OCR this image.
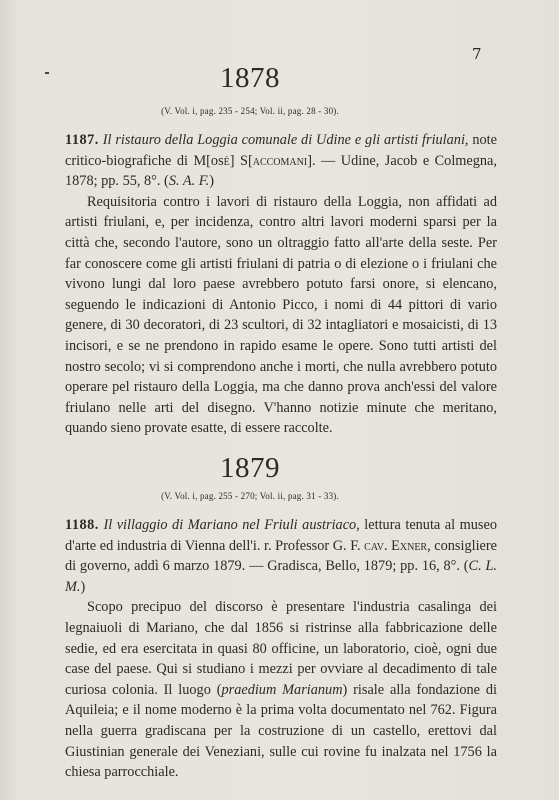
7
1878
(V. Vol. i, pag. 235 - 254; Vol. ii, pag. 28 - 30).

1187. Il ristauro della Loggia comunale di Udine e gli artisti friulani, note critico-biografiche di M[osè] S[accomani]. — Udine, Jacob e Colmegna, 1878; pp. 55, 8°. (S. A. F.)

Requisitoria contro i lavori di ristauro della Loggia, non affidati ad artisti friulani, e, per incidenza, contro altri lavori moderni sparsi per la città che, secondo l'autore, sono un oltraggio fatto all'arte della seste. Per far conoscere come gli artisti friulani di patria o di elezione o i friulani che vivono lungi dal loro paese avrebbero potuto farsi onore, si elencano, seguendo le indicazioni di Antonio Picco, i nomi di 44 pittori di vario genere, di 30 decoratori, di 23 scultori, di 32 intagliatori e mosaicisti, di 13 incisori, e se ne prendono in rapido esame le opere. Sono tutti artisti del nostro secolo; vi si comprendono anche i morti, che nulla avrebbero potuto operare pel ristauro della Loggia, ma che danno prova anch'essi del valore friulano nelle arti del disegno. V'hanno notizie minute che meritano, quando sieno provate esatte, di essere raccolte.

1879
(V. Vol. i, pag. 255 - 270; Vol. ii, pag. 31 - 33).

1188. Il villaggio di Mariano nel Friuli austriaco, lettura tenuta al museo d'arte ed industria di Vienna dell'i. r. Professor G. F. cav. Exner, consigliere di governo, addì 6 marzo 1879. — Gradisca, Bello, 1879; pp. 16, 8°. (C. L. M.)

Scopo precipuo del discorso è presentare l'industria casalinga dei legnaiuoli di Mariano, che dal 1856 si ristrinse alla fabbricazione delle sedie, ed era esercitata in quasi 80 officine, un laboratorio, cioè, ogni due case del paese. Qui si studiano i mezzi per ovviare al decadimento di tale curiosa colonia. Il luogo (praedium Marianum) risale alla fondazione di Aquileia; e il nome moderno è la prima volta documentato nel 762. Figura nella guerra gradiscana per la costruzione di un castello, erettovi dal Giustinian generale dei Veneziani, sulle cui rovine fu inalzata nel 1756 la chiesa parrocchiale.
